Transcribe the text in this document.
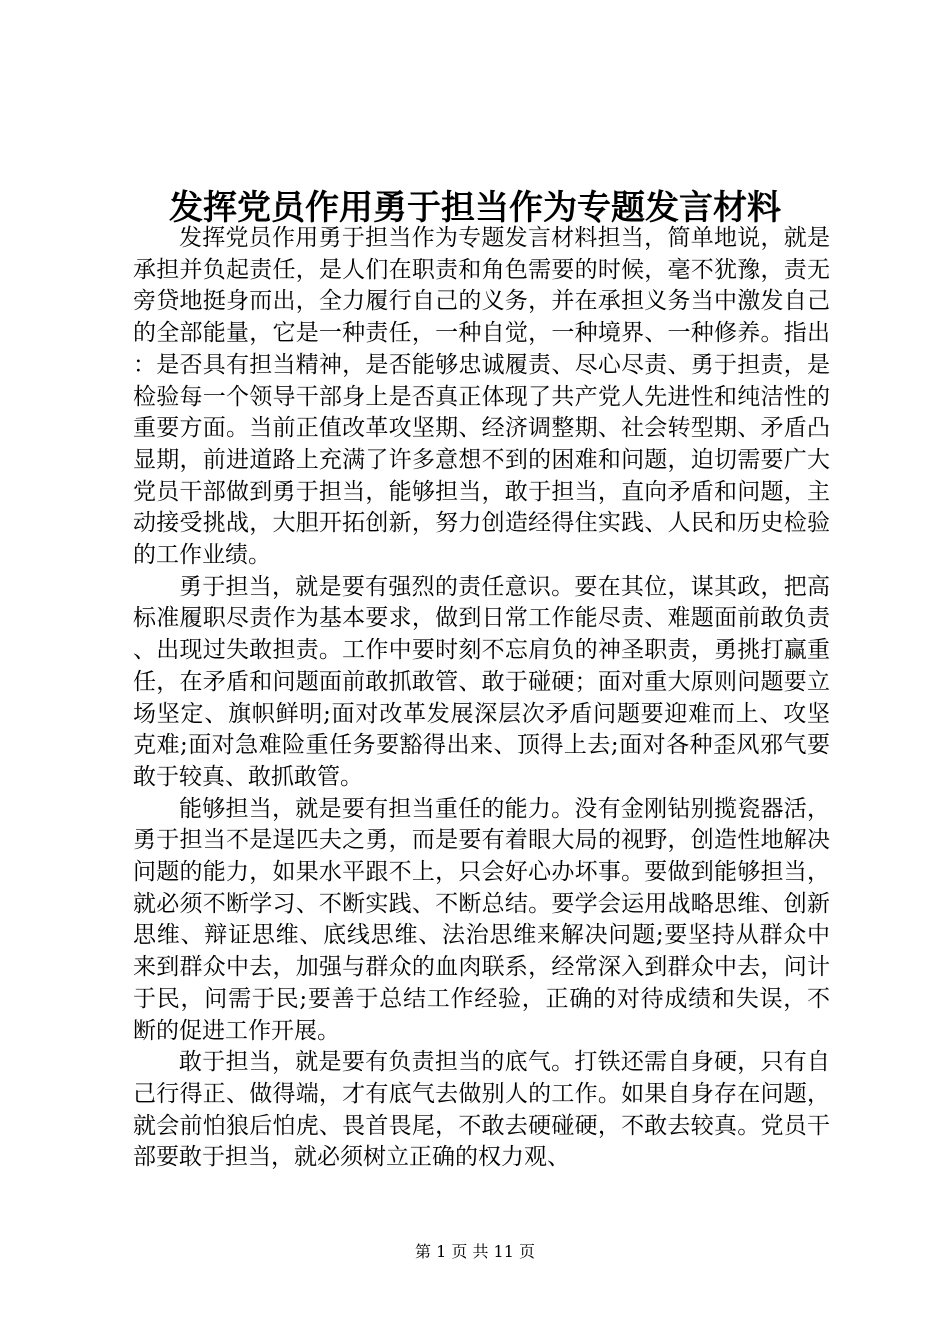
发挥党员作用勇于担当作为专题发言材料

发挥党员作用勇于担当作为专题发言材料担当，简单地说，就是承担并负起责任，是人们在职责和角色需要的时候，毫不犹豫，责无旁贷地挺身而出，全力履行自己的义务，并在承担义务当中激发自己的全部能量，它是一种责任，一种自觉，一种境界、一种修养。指出：是否具有担当精神，是否能够忠诚履责、尽心尽责、勇于担责，是检验每一个领导干部身上是否真正体现了共产党人先进性和纯洁性的重要方面。当前正值改革攻坚期、经济调整期、社会转型期、矛盾凸显期，前进道路上充满了许多意想不到的困难和问题，迫切需要广大党员干部做到勇于担当，能够担当，敢于担当，直向矛盾和问题，主动接受挑战，大胆开拓创新，努力创造经得住实践、人民和历史检验的工作业绩。

勇于担当，就是要有强烈的责任意识。要在其位，谋其政，把高标准履职尽责作为基本要求，做到日常工作能尽责、难题面前敢负责、出现过失敢担责。工作中要时刻不忘肩负的神圣职责，勇挑打赢重任，在矛盾和问题面前敢抓敢管、敢于碰硬；面对重大原则问题要立场坚定、旗帜鲜明;面对改革发展深层次矛盾问题要迎难而上、攻坚克难;面对急难险重任务要豁得出来、顶得上去;面对各种歪风邪气要敢于较真、敢抓敢管。

能够担当，就是要有担当重任的能力。没有金刚钻别揽瓷器活，勇于担当不是逞匹夫之勇，而是要有着眼大局的视野，创造性地解决问题的能力，如果水平跟不上，只会好心办坏事。要做到能够担当，就必须不断学习、不断实践、不断总结。要学会运用战略思维、创新思维、辩证思维、底线思维、法治思维来解决问题;要坚持从群众中来到群众中去，加强与群众的血肉联系，经常深入到群众中去，问计于民，问需于民;要善于总结工作经验，正确的对待成绩和失误，不断的促进工作开展。

敢于担当，就是要有负责担当的底气。打铁还需自身硬，只有自己行得正、做得端，才有底气去做别人的工作。如果自身存在问题，就会前怕狼后怕虎、畏首畏尾，不敢去硬碰硬，不敢去较真。党员干部要敢于担当，就必须树立正确的权力观、

第 1 页 共 11 页
